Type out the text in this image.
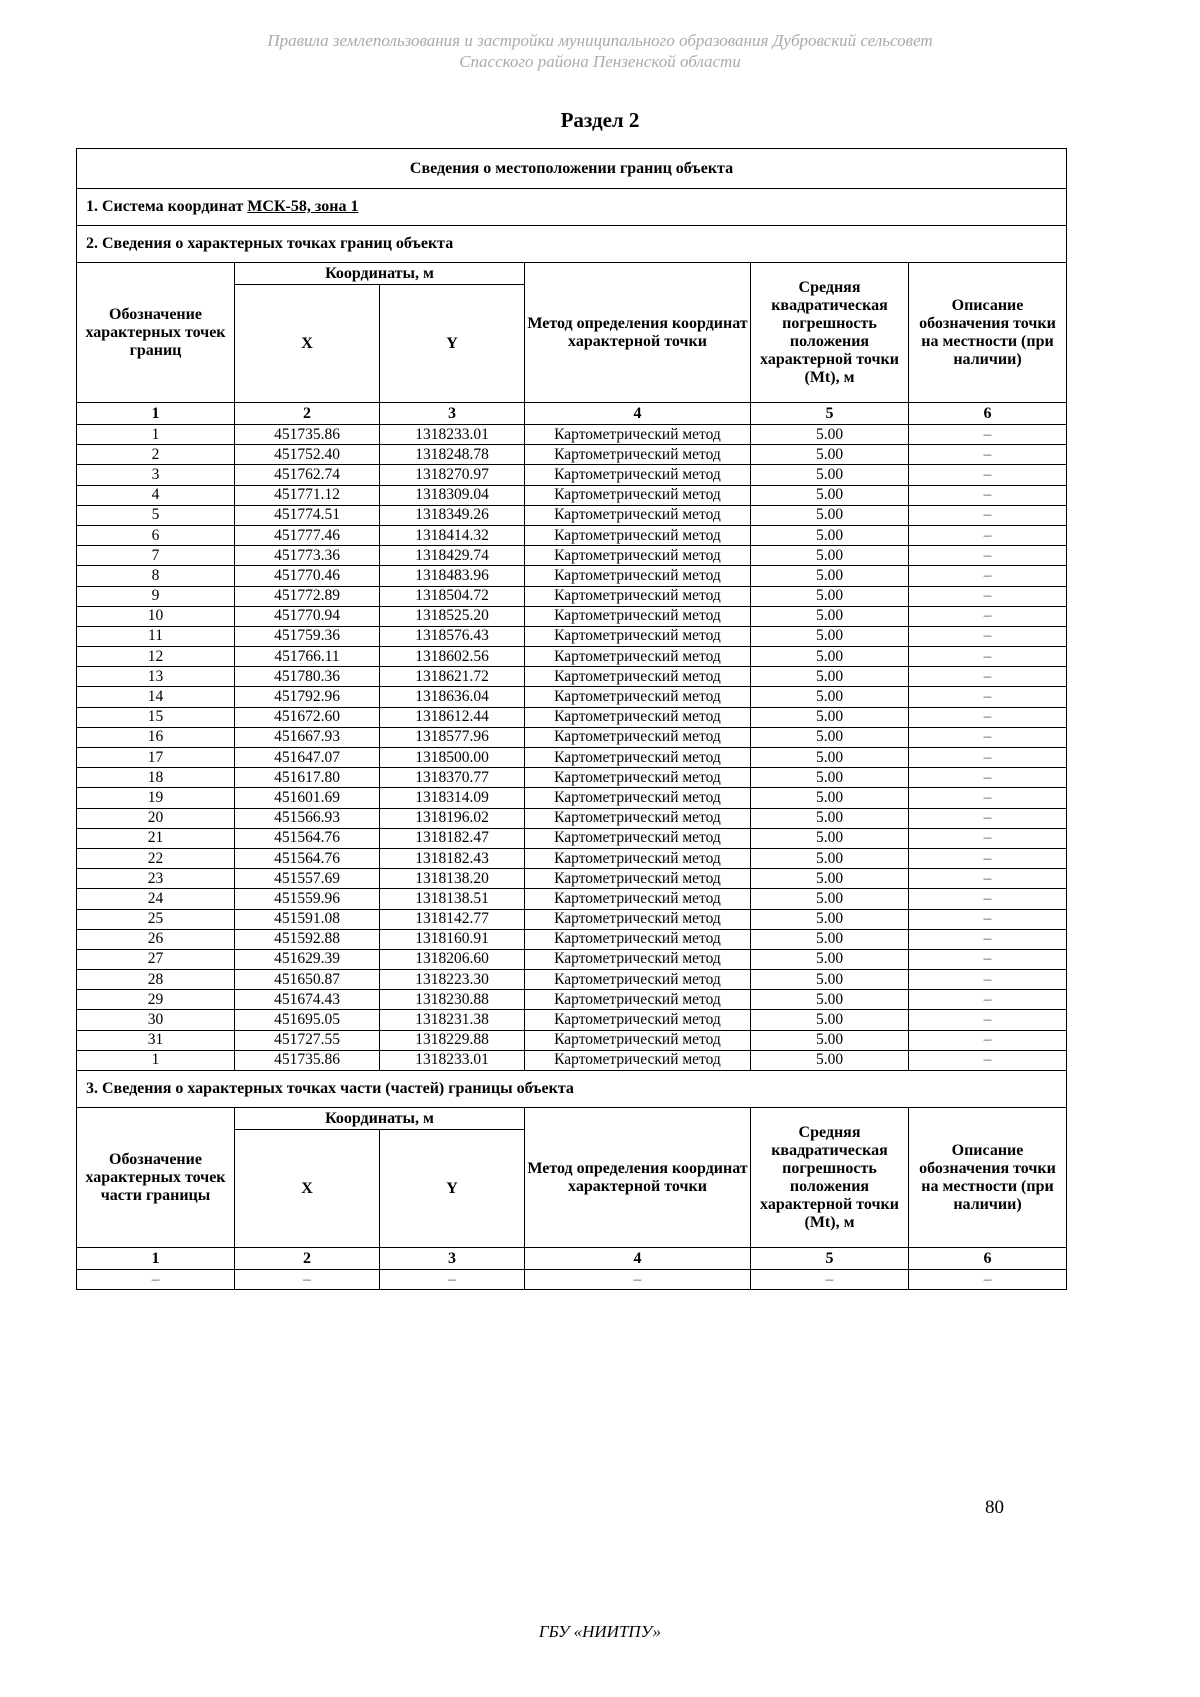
Правила землепользования и застройки муниципального образования Дубровский сельсовет
Спасского района Пензенской области
Раздел 2
Сведения о местоположении границ объекта					
1. Система координат МСК-58, зона 1					
2. Сведения о характерных точках границ объекта					
Обозначение характерных точек границ	Координаты, м		Метод определения координат характерной точки	Средняя квадратическая погрешность положения характерной точки (Mt), м	Описание обозначения точки на местности (при наличии)
	X	Y			
1	2	3	4	5	6
1	451735.86	1318233.01	Картометрический метод	5.00	–
2	451752.40	1318248.78	Картометрический метод	5.00	–
3	451762.74	1318270.97	Картометрический метод	5.00	–
4	451771.12	1318309.04	Картометрический метод	5.00	–
5	451774.51	1318349.26	Картометрический метод	5.00	–
6	451777.46	1318414.32	Картометрический метод	5.00	–
7	451773.36	1318429.74	Картометрический метод	5.00	–
8	451770.46	1318483.96	Картометрический метод	5.00	–
9	451772.89	1318504.72	Картометрический метод	5.00	–
10	451770.94	1318525.20	Картометрический метод	5.00	–
11	451759.36	1318576.43	Картометрический метод	5.00	–
12	451766.11	1318602.56	Картометрический метод	5.00	–
13	451780.36	1318621.72	Картометрический метод	5.00	–
14	451792.96	1318636.04	Картометрический метод	5.00	–
15	451672.60	1318612.44	Картометрический метод	5.00	–
16	451667.93	1318577.96	Картометрический метод	5.00	–
17	451647.07	1318500.00	Картометрический метод	5.00	–
18	451617.80	1318370.77	Картометрический метод	5.00	–
19	451601.69	1318314.09	Картометрический метод	5.00	–
20	451566.93	1318196.02	Картометрический метод	5.00	–
21	451564.76	1318182.47	Картометрический метод	5.00	–
22	451564.76	1318182.43	Картометрический метод	5.00	–
23	451557.69	1318138.20	Картометрический метод	5.00	–
24	451559.96	1318138.51	Картометрический метод	5.00	–
25	451591.08	1318142.77	Картометрический метод	5.00	–
26	451592.88	1318160.91	Картометрический метод	5.00	–
27	451629.39	1318206.60	Картометрический метод	5.00	–
28	451650.87	1318223.30	Картометрический метод	5.00	–
29	451674.43	1318230.88	Картометрический метод	5.00	–
30	451695.05	1318231.38	Картометрический метод	5.00	–
31	451727.55	1318229.88	Картометрический метод	5.00	–
1	451735.86	1318233.01	Картометрический метод	5.00	–
3. Сведения о характерных точках части (частей) границы объекта					
Обозначение характерных точек части границы	Координаты, м		Метод определения координат характерной точки	Средняя квадратическая погрешность положения характерной точки (Mt), м	Описание обозначения точки на местности (при наличии)
	X	Y			
1	2	3	4	5	6
–	–	–	–	–	–
80
ГБУ «НИИТПУ»
